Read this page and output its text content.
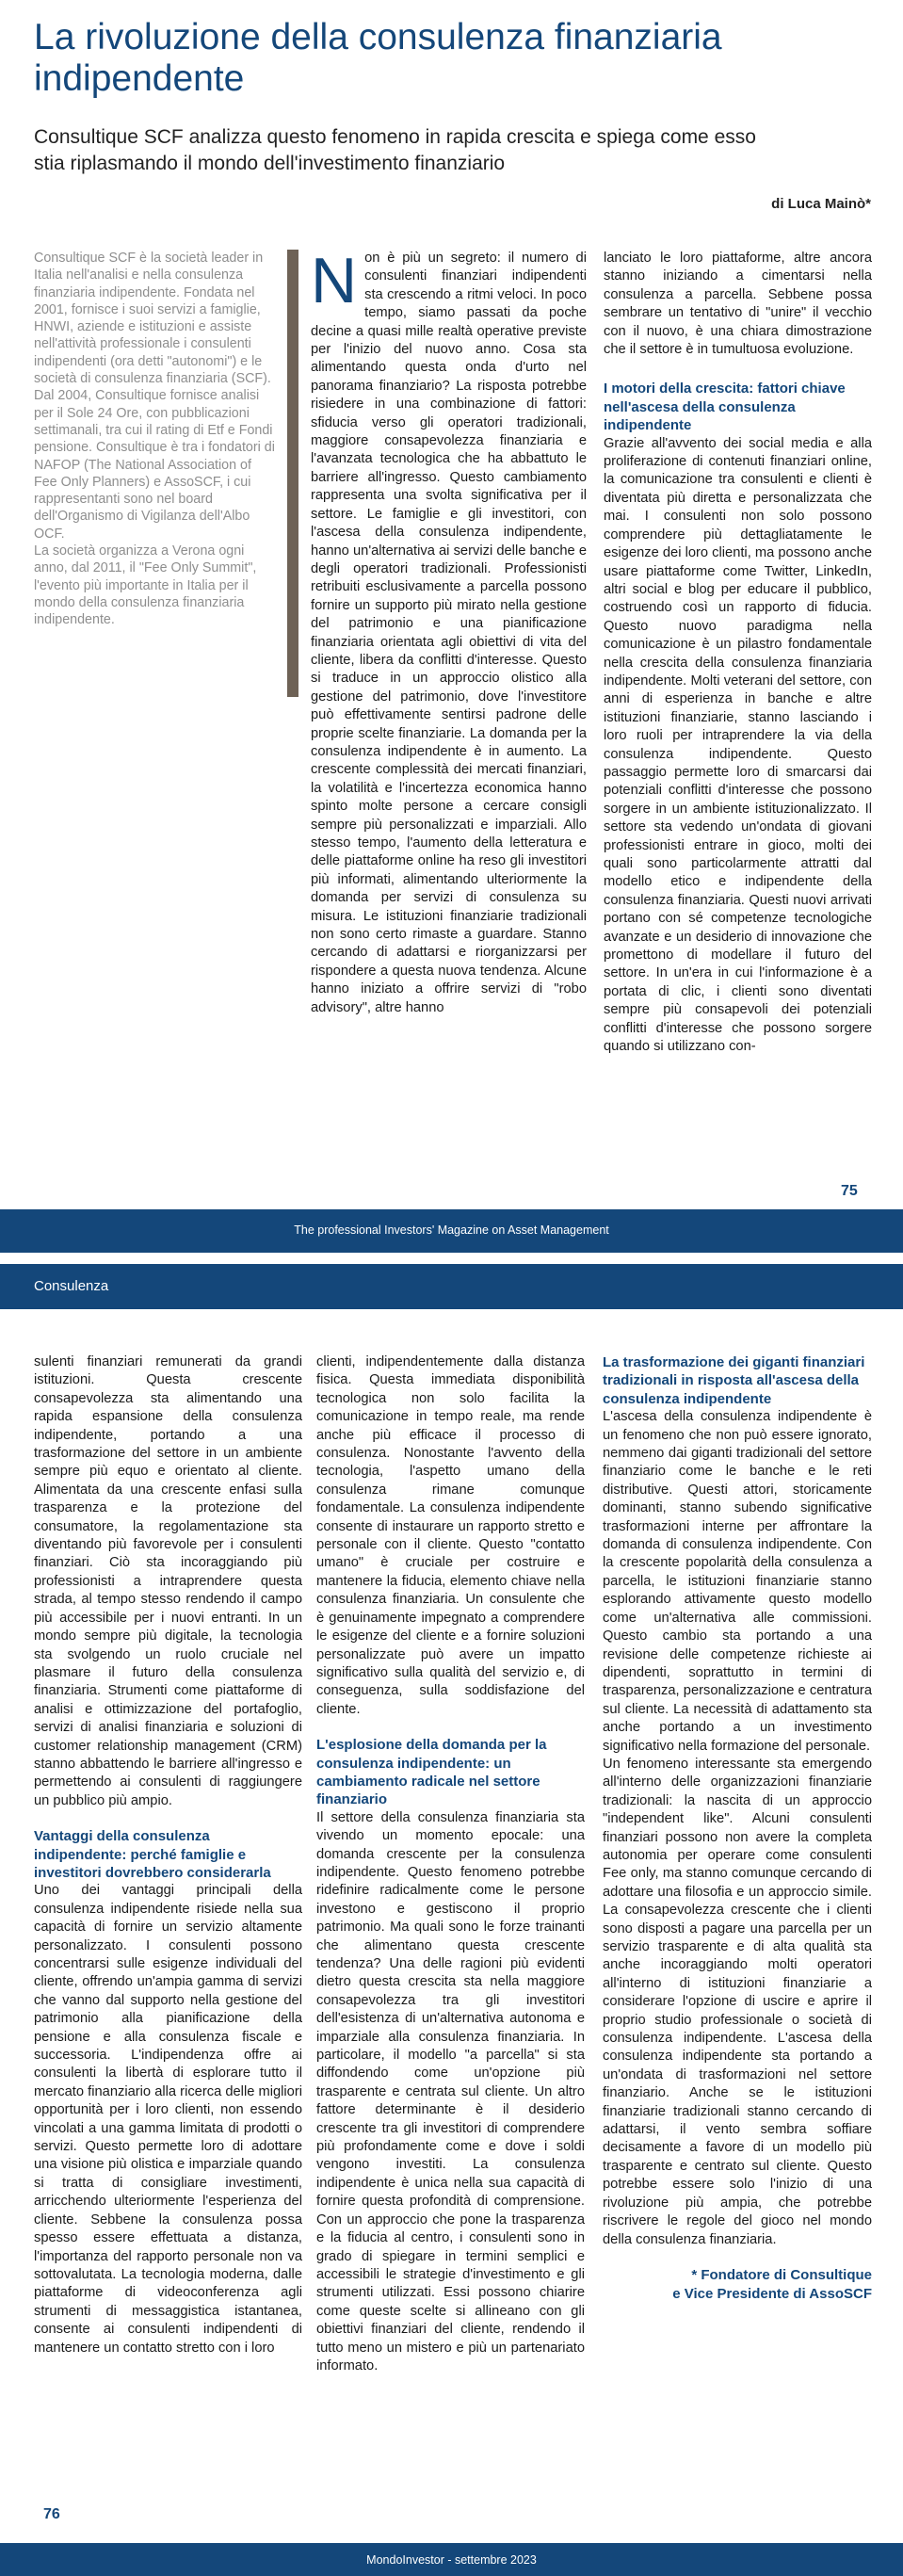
La rivoluzione della consulenza finanziaria indipendente

Consultique SCF analizza questo fenomeno in rapida crescita e spiega come esso stia riplasmando il mondo dell'investimento finanziario

di Luca Mainò*

Consultique SCF è la società leader in Italia nell'analisi e nella consulenza finanziaria indipendente. Fondata nel 2001, fornisce i suoi servizi a famiglie, HNWI, aziende e istituzioni e assiste nell'attività professionale i consulenti indipendenti (ora detti "autonomi") e le società di consulenza finanziaria (SCF). Dal 2004, Consultique fornisce analisi per il Sole 24 Ore, con pubblicazioni settimanali, tra cui il rating di Etf e Fondi pensione. Consultique è tra i fondatori di NAFOP (The National Association of Fee Only Planners) e AssoSCF, i cui rappresentanti sono nel board dell'Organismo di Vigilanza dell'Albo OCF.

La società organizza a Verona ogni anno, dal 2011, il "Fee Only Summit", l'evento più importante in Italia per il mondo della consulenza finanziaria indipendente.

N on è più un segreto: il numero di consulenti finanziari indipendenti sta crescendo a ritmi veloci. In poco tempo, siamo passati da poche decine a quasi mille realtà operative previste per l'inizio del nuovo anno. Cosa sta alimentando questa onda d'urto nel panorama finanziario? La risposta potrebbe risiedere in una combinazione di fattori: sfiducia verso gli operatori tradizionali, maggiore consapevolezza finanziaria e l'avanzata tecnologica che ha abbattuto le barriere all'ingresso. Questo cambiamento rappresenta una svolta significativa per il settore. Le famiglie e gli investitori, con l'ascesa della consulenza indipendente, hanno un'alternativa ai servizi delle banche e degli operatori tradizionali. Professionisti retribuiti esclusivamente a parcella possono fornire un supporto più mirato nella gestione del patrimonio e una pianificazione finanziaria orientata agli obiettivi di vita del cliente, libera da conflitti d'interesse. Questo si traduce in un approccio olistico alla gestione del patrimonio, dove l'investitore può effettivamente sentirsi padrone delle proprie scelte finanziarie. La domanda per la consulenza indipendente è in aumento. La crescente complessità dei mercati finanziari, la volatilità e l'incertezza economica hanno spinto molte persone a cercare consigli sempre più personalizzati e imparziali. Allo stesso tempo, l'aumento della letteratura e delle piattaforme online ha reso gli investitori più informati, alimentando ulteriormente la domanda per servizi di consulenza su misura. Le istituzioni finanziarie tradizionali non sono certo rimaste a guardare. Stanno cercando di adattarsi e riorganizzarsi per rispondere a questa nuova tendenza. Alcune hanno iniziato a offrire servizi di "robo advisory", altre hanno

lanciato le loro piattaforme, altre ancora stanno iniziando a cimentarsi nella consulenza a parcella. Sebbene possa sembrare un tentativo di "unire" il vecchio con il nuovo, è una chiara dimostrazione che il settore è in tumultuosa evoluzione.

I motori della crescita: fattori chiave nell'ascesa della consulenza indipendente

Grazie all'avvento dei social media e alla proliferazione di contenuti finanziari online, la comunicazione tra consulenti e clienti è diventata più diretta e personalizzata che mai. I consulenti non solo possono comprendere più dettagliatamente le esigenze dei loro clienti, ma possono anche usare piattaforme come Twitter, LinkedIn, altri social e blog per educare il pubblico, costruendo così un rapporto di fiducia. Questo nuovo paradigma nella comunicazione è un pilastro fondamentale nella crescita della consulenza finanziaria indipendente. Molti veterani del settore, con anni di esperienza in banche e altre istituzioni finanziarie, stanno lasciando i loro ruoli per intraprendere la via della consulenza indipendente. Questo passaggio permette loro di smarcarsi dai potenziali conflitti d'interesse che possono sorgere in un ambiente istituzionalizzato. Il settore sta vedendo un'ondata di giovani professionisti entrare in gioco, molti dei quali sono particolarmente attratti dal modello etico e indipendente della consulenza finanziaria. Questi nuovi arrivati portano con sé competenze tecnologiche avanzate e un desiderio di innovazione che promettono di modellare il futuro del settore. In un'era in cui l'informazione è a portata di clic, i clienti sono diventati sempre più consapevoli dei potenziali conflitti d'interesse che possono sorgere quando si utilizzano con-

75
The professional Investors' Magazine on Asset Management
Consulenza

sulenti finanziari remunerati da grandi istituzioni. Questa crescente consapevolezza sta alimentando una rapida espansione della consulenza indipendente, portando a una trasformazione del settore in un ambiente sempre più equo e orientato al cliente. Alimentata da una crescente enfasi sulla trasparenza e la protezione del consumatore, la regolamentazione sta diventando più favorevole per i consulenti finanziari. Ciò sta incoraggiando più professionisti a intraprendere questa strada, al tempo stesso rendendo il campo più accessibile per i nuovi entranti. In un mondo sempre più digitale, la tecnologia sta svolgendo un ruolo cruciale nel plasmare il futuro della consulenza finanziaria. Strumenti come piattaforme di analisi e ottimizzazione del portafoglio, servizi di analisi finanziaria e soluzioni di customer relationship management (CRM) stanno abbattendo le barriere all'ingresso e permettendo ai consulenti di raggiungere un pubblico più ampio.

Vantaggi della consulenza indipendente: perché famiglie e investitori dovrebbero considerarla

Uno dei vantaggi principali della consulenza indipendente risiede nella sua capacità di fornire un servizio altamente personalizzato. I consulenti possono concentrarsi sulle esigenze individuali del cliente, offrendo un'ampia gamma di servizi che vanno dal supporto nella gestione del patrimonio alla pianificazione della pensione e alla consulenza fiscale e successoria. L'indipendenza offre ai consulenti la libertà di esplorare tutto il mercato finanziario alla ricerca delle migliori opportunità per i loro clienti, non essendo vincolati a una gamma limitata di prodotti o servizi. Questo permette loro di adottare una visione più olistica e imparziale quando si tratta di consigliare investimenti, arricchendo ulteriormente l'esperienza del cliente. Sebbene la consulenza possa spesso essere effettuata a distanza, l'importanza del rapporto personale non va sottovalutata. La tecnologia moderna, dalle piattaforme di videoconferenza agli strumenti di messaggistica istantanea, consente ai consulenti indipendenti di mantenere un contatto stretto con i loro

clienti, indipendentemente dalla distanza fisica. Questa immediata disponibilità tecnologica non solo facilita la comunicazione in tempo reale, ma rende anche più efficace il processo di consulenza. Nonostante l'avvento della tecnologia, l'aspetto umano della consulenza rimane comunque fondamentale. La consulenza indipendente consente di instaurare un rapporto stretto e personale con il cliente. Questo "contatto umano" è cruciale per costruire e mantenere la fiducia, elemento chiave nella consulenza finanziaria. Un consulente che è genuinamente impegnato a comprendere le esigenze del cliente e a fornire soluzioni personalizzate può avere un impatto significativo sulla qualità del servizio e, di conseguenza, sulla soddisfazione del cliente.

L'esplosione della domanda per la consulenza indipendente: un cambiamento radicale nel settore finanziario

Il settore della consulenza finanziaria sta vivendo un momento epocale: una domanda crescente per la consulenza indipendente. Questo fenomeno potrebbe ridefinire radicalmente come le persone investono e gestiscono il proprio patrimonio. Ma quali sono le forze trainanti che alimentano questa crescente tendenza? Una delle ragioni più evidenti dietro questa crescita sta nella maggiore consapevolezza tra gli investitori dell'esistenza di un'alternativa autonoma e imparziale alla consulenza finanziaria. In particolare, il modello "a parcella" si sta diffondendo come un'opzione più trasparente e centrata sul cliente. Un altro fattore determinante è il desiderio crescente tra gli investitori di comprendere più profondamente come e dove i soldi vengono investiti. La consulenza indipendente è unica nella sua capacità di fornire questa profondità di comprensione. Con un approccio che pone la trasparenza e la fiducia al centro, i consulenti sono in grado di spiegare in termini semplici e accessibili le strategie d'investimento e gli strumenti utilizzati. Essi possono chiarire come queste scelte si allineano con gli obiettivi finanziari del cliente, rendendo il tutto meno un mistero e più un partenariato informato.

La trasformazione dei giganti finanziari tradizionali in risposta all'ascesa della consulenza indipendente

L'ascesa della consulenza indipendente è un fenomeno che non può essere ignorato, nemmeno dai giganti tradizionali del settore finanziario come le banche e le reti distributive. Questi attori, storicamente dominanti, stanno subendo significative trasformazioni interne per affrontare la domanda di consulenza indipendente. Con la crescente popolarità della consulenza a parcella, le istituzioni finanziarie stanno esplorando attivamente questo modello come un'alternativa alle commissioni. Questo cambio sta portando a una revisione delle competenze richieste ai dipendenti, soprattutto in termini di trasparenza, personalizzazione e centratura sul cliente. La necessità di adattamento sta anche portando a un investimento significativo nella formazione del personale.

Un fenomeno interessante sta emergendo all'interno delle organizzazioni finanziarie tradizionali: la nascita di un approccio "independent like". Alcuni consulenti finanziari possono non avere la completa autonomia per operare come consulenti Fee only, ma stanno comunque cercando di adottare una filosofia e un approccio simile. La consapevolezza crescente che i clienti sono disposti a pagare una parcella per un servizio trasparente e di alta qualità sta anche incoraggiando molti operatori all'interno di istituzioni finanziarie a considerare l'opzione di uscire e aprire il proprio studio professionale o società di consulenza indipendente. L'ascesa della consulenza indipendente sta portando a un'ondata di trasformazioni nel settore finanziario. Anche se le istituzioni finanziarie tradizionali stanno cercando di adattarsi, il vento sembra soffiare decisamente a favore di un modello più trasparente e centrato sul cliente. Questo potrebbe essere solo l'inizio di una rivoluzione più ampia, che potrebbe riscrivere le regole del gioco nel mondo della consulenza finanziaria.

* Fondatore di Consultique
e Vice Presidente di AssoSCF
76
MondoInvestor - settembre 2023
